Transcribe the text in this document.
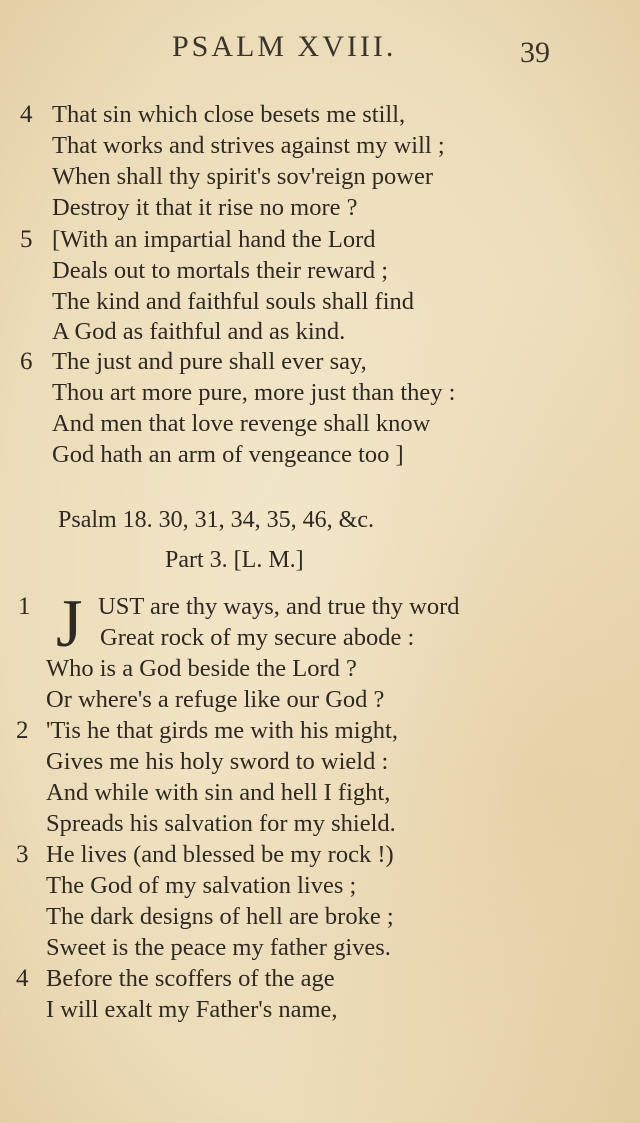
PSALM XVIII.	39
4 That sin which close besets me still,
That works and strives against my will ;
When shall thy spirit's sov'reign power
Destroy it that it rise no more ?
5 [With an impartial hand the Lord
Deals out to mortals their reward ;
The kind and faithful souls shall find
A God as faithful and as kind.
6 The just and pure shall ever say,
Thou art more pure, more just than they :
And men that love revenge shall know
God hath an arm of vengeance too ]
Psalm 18. 30, 31, 34, 35, 46, &c.
Part 3. [L. M.]
1 J UST are thy ways, and true thy word
Great rock of my secure abode :
Who is a God beside the Lord ?
Or where's a refuge like our God ?
2 'Tis he that girds me with his might,
Gives me his holy sword to wield :
And while with sin and hell I fight,
Spreads his salvation for my shield.
3 He lives (and blessed be my rock !)
The God of my salvation lives ;
The dark designs of hell are broke ;
Sweet is the peace my father gives.
4 Before the scoffers of the age
I will exalt my Father's name,
